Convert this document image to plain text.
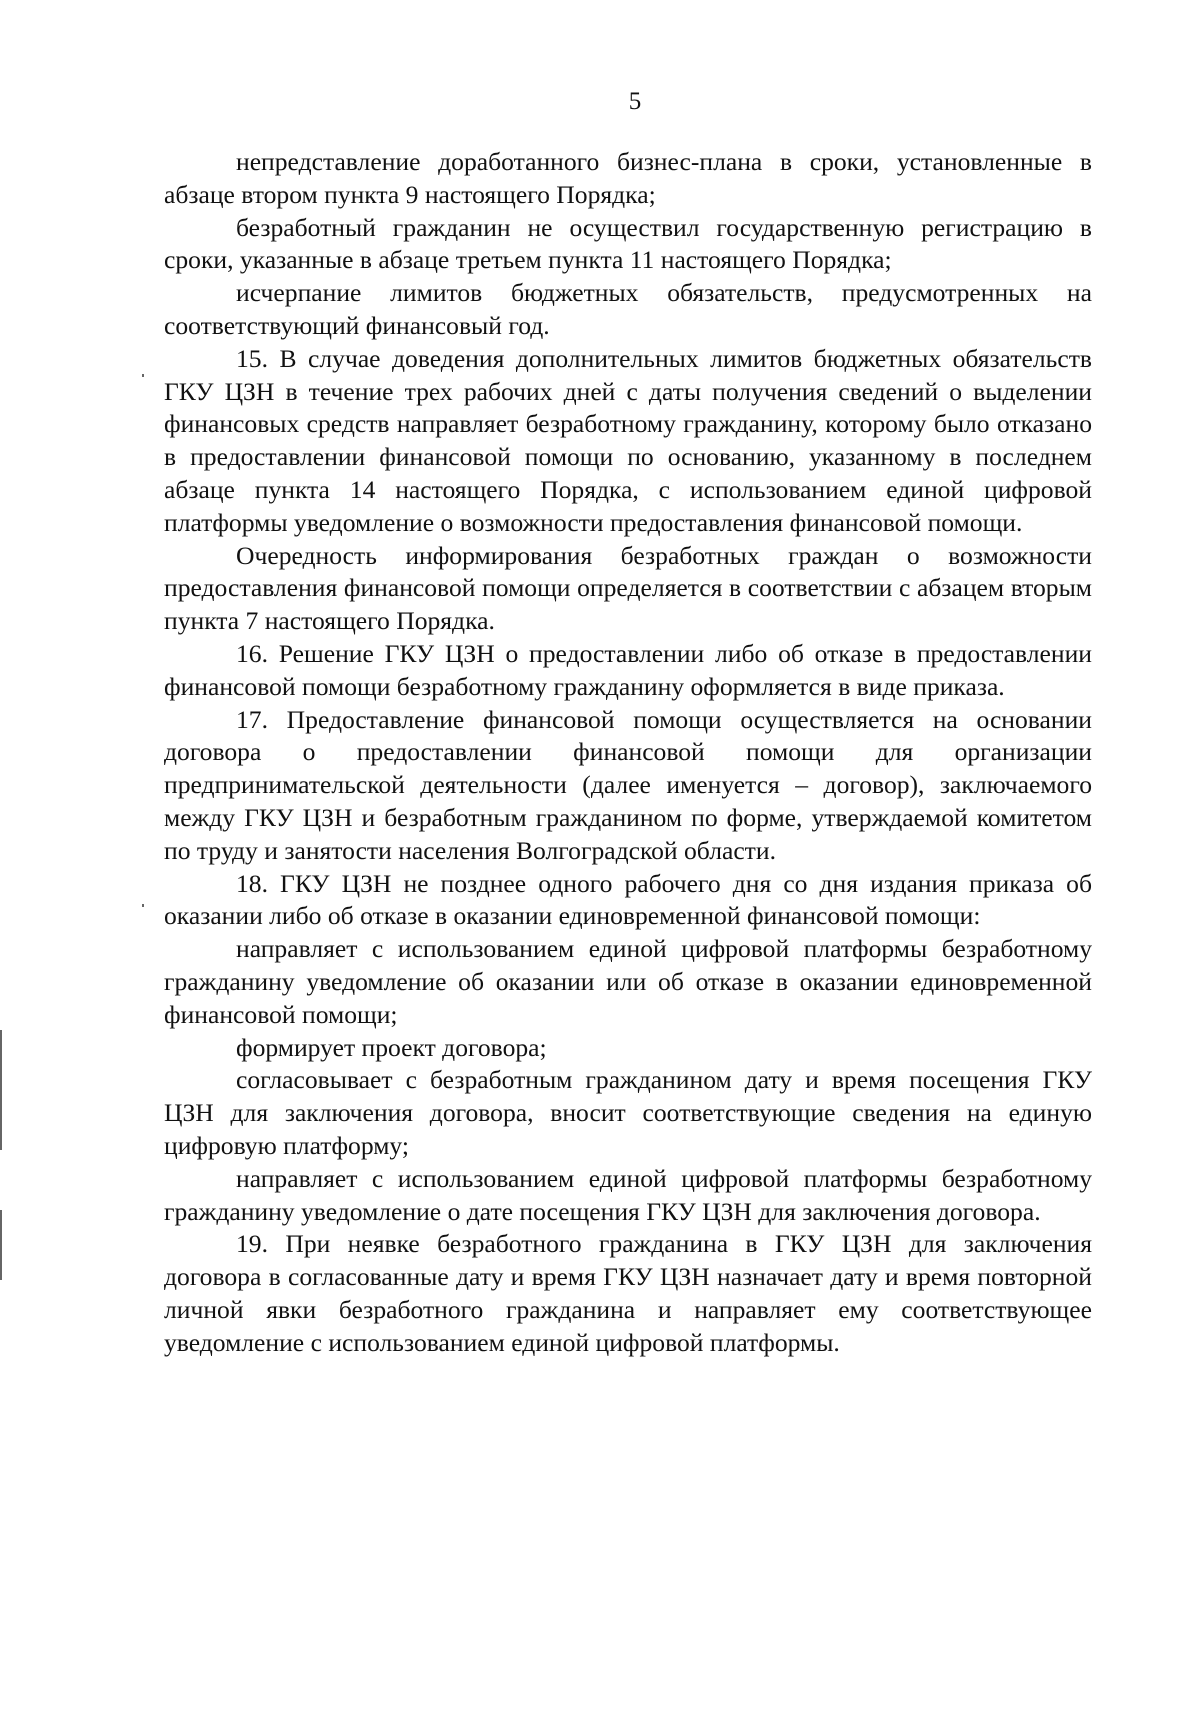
5

непредставление доработанного бизнес-плана в сроки, установленные в абзаце втором пункта 9 настоящего Порядка;

безработный гражданин не осуществил государственную регистрацию в сроки, указанные в абзаце третьем пункта 11 настоящего Порядка;

исчерпание лимитов бюджетных обязательств, предусмотренных на соответствующий финансовый год.

15. В случае доведения дополнительных лимитов бюджетных обязательств ГКУ ЦЗН в течение трех рабочих дней с даты получения сведений о выделении финансовых средств направляет безработному гражданину, которому было отказано в предоставлении финансовой помощи по основанию, указанному в последнем абзаце пункта 14 настоящего Порядка, с использованием единой цифровой платформы уведомление о возможности предоставления финансовой помощи.

Очередность информирования безработных граждан о возможности предоставления финансовой помощи определяется в соответствии с абзацем вторым пункта 7 настоящего Порядка.

16. Решение ГКУ ЦЗН о предоставлении либо об отказе в предоставлении финансовой помощи безработному гражданину оформляется в виде приказа.

17. Предоставление финансовой помощи осуществляется на основании договора о предоставлении финансовой помощи для организации предпринимательской деятельности (далее именуется – договор), заключаемого между ГКУ ЦЗН и безработным гражданином по форме, утверждаемой комитетом по труду и занятости населения Волгоградской области.

18. ГКУ ЦЗН не позднее одного рабочего дня со дня издания приказа об оказании либо об отказе в оказании единовременной финансовой помощи:

направляет с использованием единой цифровой платформы безработному гражданину уведомление об оказании или об отказе в оказании единовременной финансовой помощи;

формирует проект договора;

согласовывает с безработным гражданином дату и время посещения ГКУ ЦЗН для заключения договора, вносит соответствующие сведения на единую цифровую платформу;

направляет с использованием единой цифровой платформы безработному гражданину уведомление о дате посещения ГКУ ЦЗН для заключения договора.

19. При неявке безработного гражданина в ГКУ ЦЗН для заключения договора в согласованные дату и время ГКУ ЦЗН назначает дату и время повторной личной явки безработного гражданина и направляет ему соответствующее уведомление с использованием единой цифровой платформы.
